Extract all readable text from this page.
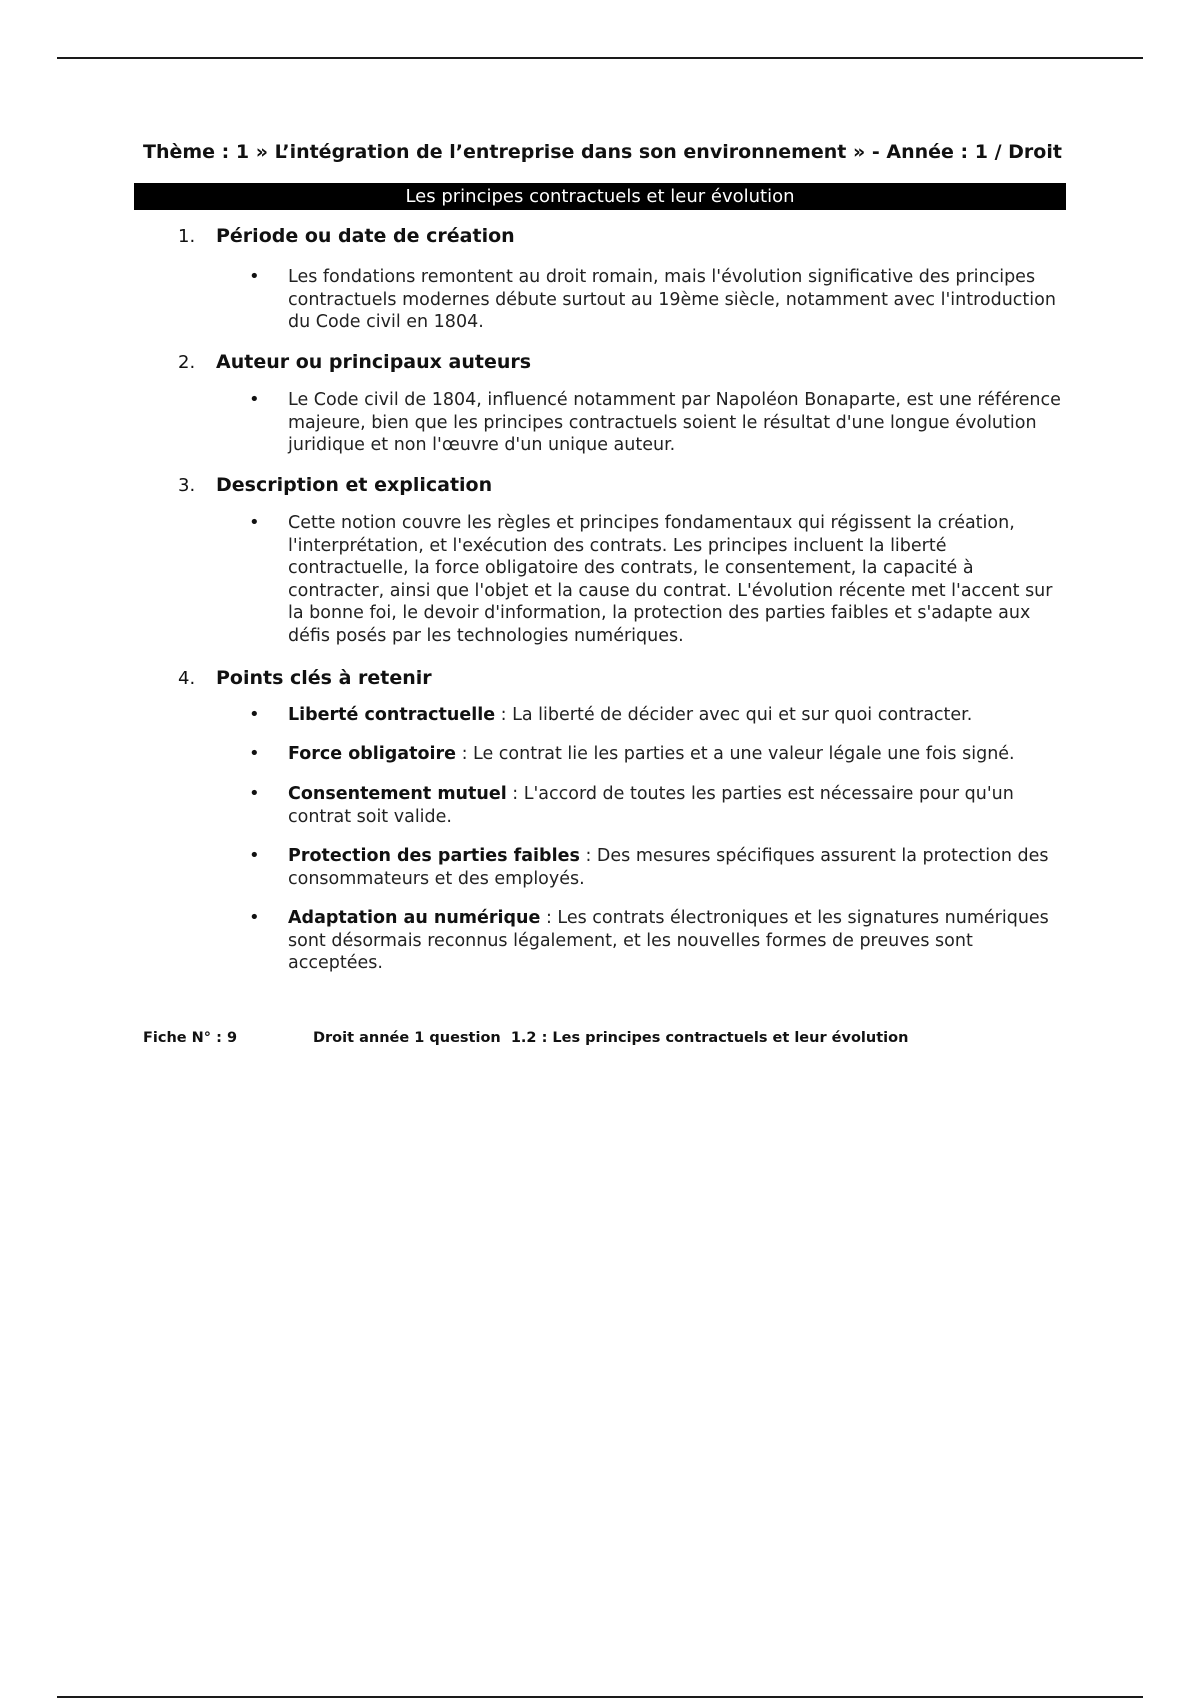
Thème : 1 » L’intégration de l’entreprise dans son environnement » - Année : 1 / Droit
Les principes contractuels et leur évolution
1. Période ou date de création
• Les fondations remontent au droit romain, mais l'évolution significative des principes contractuels modernes débute surtout au 19ème siècle, notamment avec l'introduction du Code civil en 1804.
2. Auteur ou principaux auteurs
• Le Code civil de 1804, influencé notamment par Napoléon Bonaparte, est une référence majeure, bien que les principes contractuels soient le résultat d'une longue évolution juridique et non l'œuvre d'un unique auteur.
3. Description et explication
• Cette notion couvre les règles et principes fondamentaux qui régissent la création, l'interprétation, et l'exécution des contrats. Les principes incluent la liberté contractuelle, la force obligatoire des contrats, le consentement, la capacité à contracter, ainsi que l'objet et la cause du contrat. L'évolution récente met l'accent sur la bonne foi, le devoir d'information, la protection des parties faibles et s'adapte aux défis posés par les technologies numériques.
4. Points clés à retenir
• Liberté contractuelle : La liberté de décider avec qui et sur quoi contracter.
• Force obligatoire : Le contrat lie les parties et a une valeur légale une fois signé.
• Consentement mutuel : L'accord de toutes les parties est nécessaire pour qu'un contrat soit valide.
• Protection des parties faibles : Des mesures spécifiques assurent la protection des consommateurs et des employés.
• Adaptation au numérique : Les contrats électroniques et les signatures numériques sont désormais reconnus légalement, et les nouvelles formes de preuves sont acceptées.
Fiche N° : 9	Droit année 1 question  1.2 : Les principes contractuels et leur évolution
